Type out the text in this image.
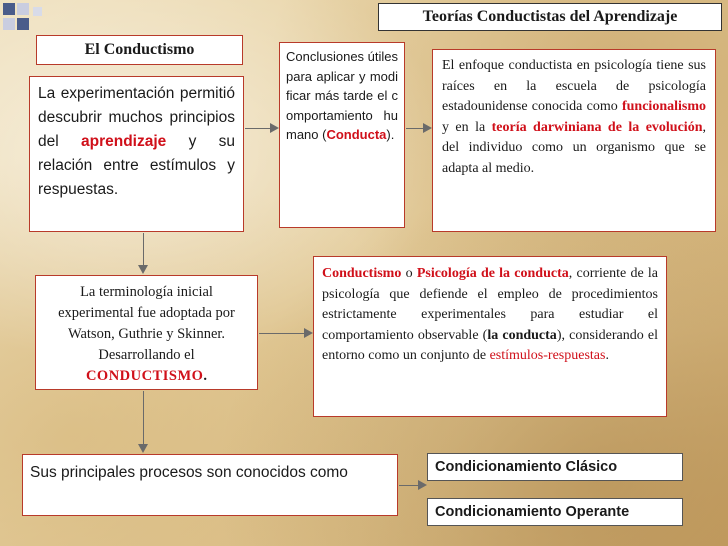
Teorías Conductistas del Aprendizaje
El Conductismo
La experimentación permitió descubrir muchos principios del aprendizaje y su relación entre estímulos y respuestas.
Conclusiones útiles para aplicar y modificar más tarde el comportamiento humano (Conducta).
El enfoque conductista en psicología tiene sus raíces en la escuela de psicología estadounidense conocida como funcionalismo y en la teoría darwiniana de la evolución, del individuo como un organismo que se adapta al medio.
La terminología inicial experimental fue adoptada por Watson, Guthrie y Skinner. Desarrollando el CONDUCTISMO.
Conductismo o Psicología de la conducta, corriente de la psicología que defiende el empleo de procedimientos estrictamente experimentales para estudiar el comportamiento observable (la conducta), considerando el entorno como un conjunto de estímulos-respuestas.
Sus principales procesos son conocidos como	Condicionamiento Clásico
Condicionamiento Operante
